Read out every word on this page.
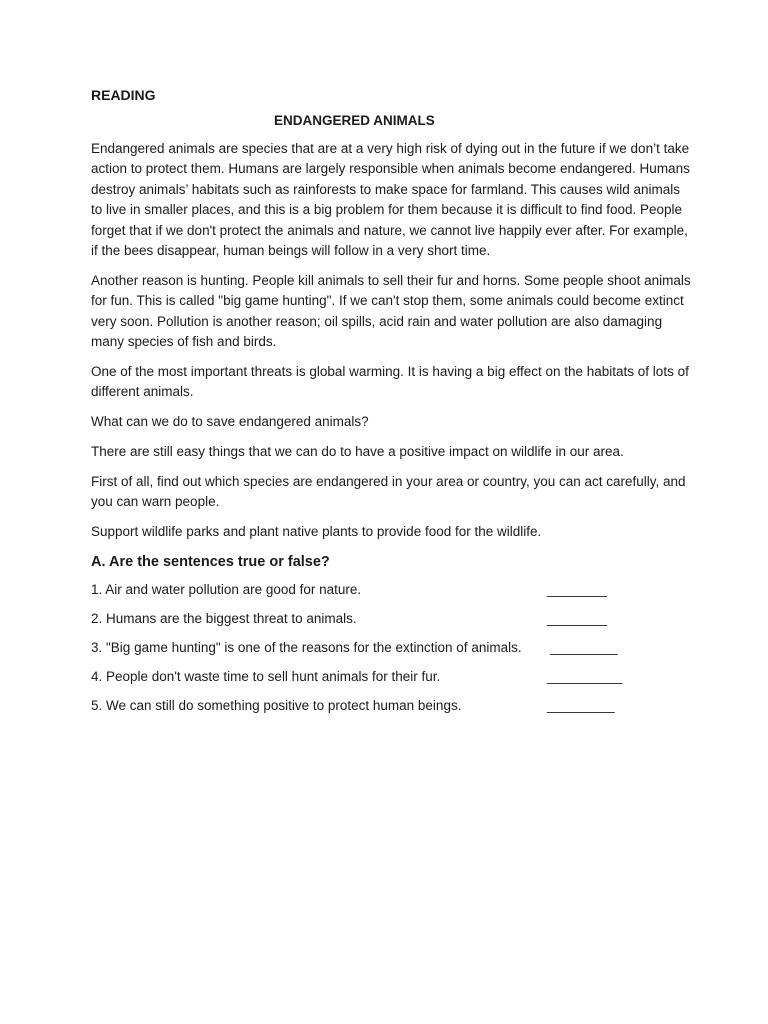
READING
ENDANGERED ANIMALS

Endangered animals are species that are at a very high risk of dying out in the future if we don’t take action to protect them. Humans are largely responsible when animals become endangered. Humans destroy animals’ habitats such as rainforests to make space for farmland. This causes wild animals to live in smaller places, and this is a big problem for them because it is difficult to find food. People forget that if we don't protect the animals and nature, we cannot live happily ever after. For example, if the bees disappear, human beings will follow in a very short time.

Another reason is hunting. People kill animals to sell their fur and horns. Some people shoot animals for fun. This is called "big game hunting". If we can't stop them, some animals could become extinct very soon. Pollution is another reason; oil spills, acid rain and water pollution are also damaging many species of fish and birds.

One of the most important threats is global warming. It is having a big effect on the habitats of lots of different animals.

What can we do to save endangered animals?

There are still easy things that we can do to have a positive impact on wildlife in our area.

First of all, find out which species are endangered in your area or country, you can act carefully, and you can warn people.

Support wildlife parks and plant native plants to provide food for the wildlife.

A. Are the sentences true or false?
1. Air and water pollution are good for nature.	________
2. Humans are the biggest threat to animals.	________
3. "Big game hunting" is one of the reasons for the extinction of animals. _________
4. People don't waste time to sell hunt animals for their fur.	__________
5. We can still do something positive to protect human beings.	_________
